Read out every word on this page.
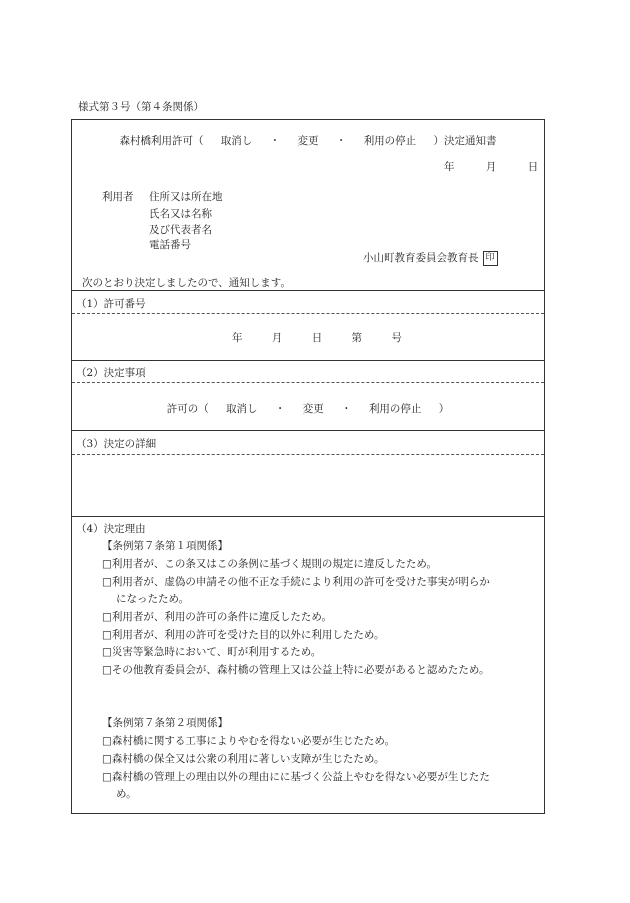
様式第３号（第４条関係）
森村橋利用許可（ 取消し ・ 変更 ・ 利用の停止 ）決定通知書
年	月	日
利用者 住所又は所在地
氏名又は名称
及び代表者名
電話番号
小山町教育委員会教育長 印
次のとおり決定しましたので、通知します。
（1）許可番号
年	月	日	第	号
（2）決定事項
許可の（ 取消し ・ 変更 ・ 利用の停止 ）
（3）決定の詳細
（4）決定理由
【条例第７条第１項関係】
□利用者が、この条又はこの条例に基づく規則の規定に違反したため。
□利用者が、虚偽の申請その他不正な手続により利用の許可を受けた事実が明らか
になったため。
□利用者が、利用の許可の条件に違反したため。
□利用者が、利用の許可を受けた目的以外に利用したため。
□災害等緊急時において、町が利用するため。
□その他教育委員会が、森村橋の管理上又は公益上特に必要があると認めたため。
【条例第７条第２項関係】
□森村橋に関する工事によりやむを得ない必要が生じたため。
□森村橋の保全又は公衆の利用に著しい支障が生じたため。
□森村橋の管理上の理由以外の理由にに基づく公益上やむを得ない必要が生じたた
め。
